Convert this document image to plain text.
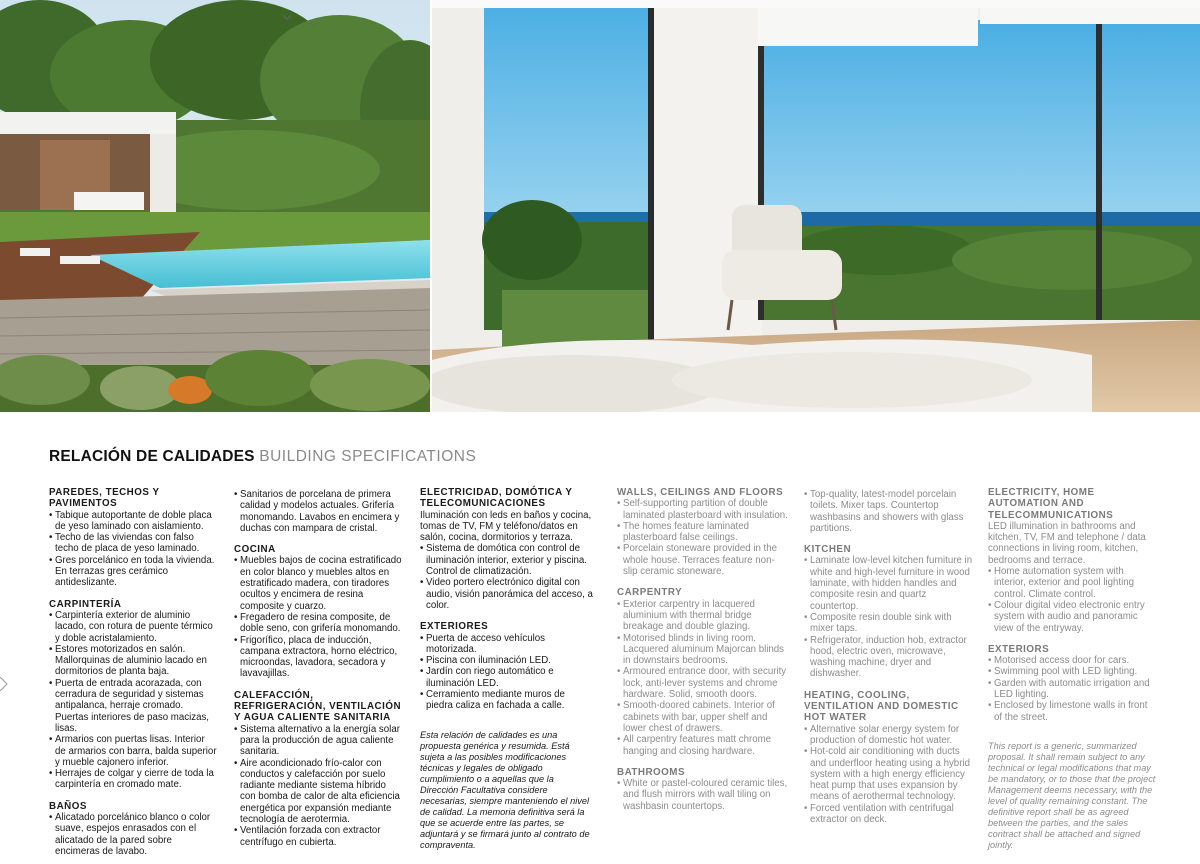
RELACIÓN DE CALIDADES BUILDING SPECIFICATIONS
PAREDES, TECHOS Y PAVIMENTOS
• Tabique autoportante de doble placa de yeso laminado con aislamiento.
• Techo de las viviendas con falso techo de placa de yeso laminado.
• Gres porcelánico en toda la vivienda. En terrazas gres cerámico antideslizante.
CARPINTERÍA
• Carpintería exterior de aluminio lacado, con rotura de puente térmico y doble acristalamiento.
• Estores motorizados en salón. Mallorquinas de aluminio lacado en dormitorios de planta baja.
• Puerta de entrada acorazada, con cerradura de seguridad y sistemas antipalanca, herraje cromado. Puertas interiores de paso macizas, lisas.
• Armarios con puertas lisas. Interior de armarios con barra, balda superior y mueble cajonero inferior.
• Herrajes de colgar y cierre de toda la carpintería en cromado mate.
BAÑOS
• Alicatado porcelánico blanco o color suave, espejos enrasados con el alicatado de la pared sobre encimeras de lavabo.
• Sanitarios de porcelana de primera calidad y modelos actuales. Grifería monomando. Lavabos en encimera y duchas con mampara de cristal.
COCINA
• Muebles bajos de cocina estratificado en color blanco y muebles altos en estratificado madera, con tiradores ocultos y encimera de resina composite y cuarzo.
• Fregadero de resina composite, de doble seno, con grifería monomando.
• Frigorífico, placa de inducción, campana extractora, horno eléctrico, microondas, lavadora, secadora y lavavajillas.
CALEFACCIÓN, REFRIGERACIÓN, VENTILACIÓN Y AGUA CALIENTE SANITARIA
• Sistema alternativo a la energía solar para la producción de agua caliente sanitaria.
• Aire acondicionado frío-calor con conductos y calefacción por suelo radiante mediante sistema híbrido con bomba de calor de alta eficiencia energética por expansión mediante tecnología de aerotermia.
• Ventilación forzada con extractor centrífugo en cubierta.
ELECTRICIDAD, DOMÓTICA Y TELECOMUNICACIONES

Iluminación con leds en baños y cocina, tomas de TV, FM y teléfono/datos en salón, cocina, dormitorios y terraza.

• Sistema de domótica con control de iluminación interior, exterior y piscina. Control de climatización.
• Video portero electrónico digital con audio, visión panorámica del acceso, a color.
EXTERIORES
• Puerta de acceso vehículos motorizada.
• Piscina con iluminación LED.
• Jardín con riego automático e iluminación LED.
• Cerramiento mediante muros de piedra caliza en fachada a calle.

Esta relación de calidades es una propuesta genérica y resumida. Está sujeta a las posibles modificaciones técnicas y legales de obligado cumplimiento o a aquellas que la Dirección Facultativa considere necesarias, siempre manteniendo el nivel de calidad. La memoria definitiva será la que se acuerde entre las partes, se adjuntará y se firmará junto al contrato de compraventa.

WALLS, CEILINGS AND FLOORS
• Self-supporting partition of double laminated plasterboard with insulation.
• The homes feature laminated plasterboard false ceilings.
• Porcelain stoneware provided in the whole house. Terraces feature non-slip ceramic stoneware.
CARPENTRY
• Exterior carpentry in lacquered aluminium with thermal bridge breakage and double glazing.
• Motorised blinds in living room. Lacquered aluminum Majorcan blinds in downstairs bedrooms.
• Armoured entrance door, with security lock, anti-lever systems and chrome hardware. Solid, smooth doors.
• Smooth-doored cabinets. Interior of cabinets with bar, upper shelf and lower chest of drawers.
• All carpentry features matt chrome hanging and closing hardware.
BATHROOMS
• White or pastel-coloured ceramic tiles, and flush mirrors with wall tiling on washbasin countertops.
• Top-quality, latest-model porcelain toilets. Mixer taps. Countertop washbasins and showers with glass partitions.
KITCHEN
• Laminate low-level kitchen furniture in white and high-level furniture in wood laminate, with hidden handles and composite resin and quartz countertop.
• Composite resin double sink with mixer taps.
• Refrigerator, induction hob, extractor hood, electric oven, microwave, washing machine, dryer and dishwasher.
HEATING, COOLING, VENTILATION AND DOMESTIC HOT WATER
• Alternative solar energy system for production of domestic hot water.
• Hot-cold air conditioning with ducts and underfloor heating using a hybrid system with a high energy efficiency heat pump that uses expansion by means of aerothermal technology.
• Forced ventilation with centrifugal extractor on deck.
ELECTRICITY, HOME AUTOMATION AND TELECOMMUNICATIONS

LED illumination in bathrooms and kitchen, TV, FM and telephone / data connections in living room, kitchen, bedrooms and terrace.

• Home automation system with interior, exterior and pool lighting control. Climate control.
• Colour digital video electronic entry system with audio and panoramic view of the entryway.
EXTERIORS
• Motorised access door for cars.
• Swimming pool with LED lighting.
• Garden with automatic irrigation and LED lighting.
• Enclosed by limestone walls in front of the street.

This report is a generic, summarized proposal. It shall remain subject to any technical or legal modifications that may be mandatory, or to those that the project Management deems necessary, with the level of quality remaining constant. The definitive report shall be as agreed between the parties, and the sales contract shall be attached and signed jointly.
